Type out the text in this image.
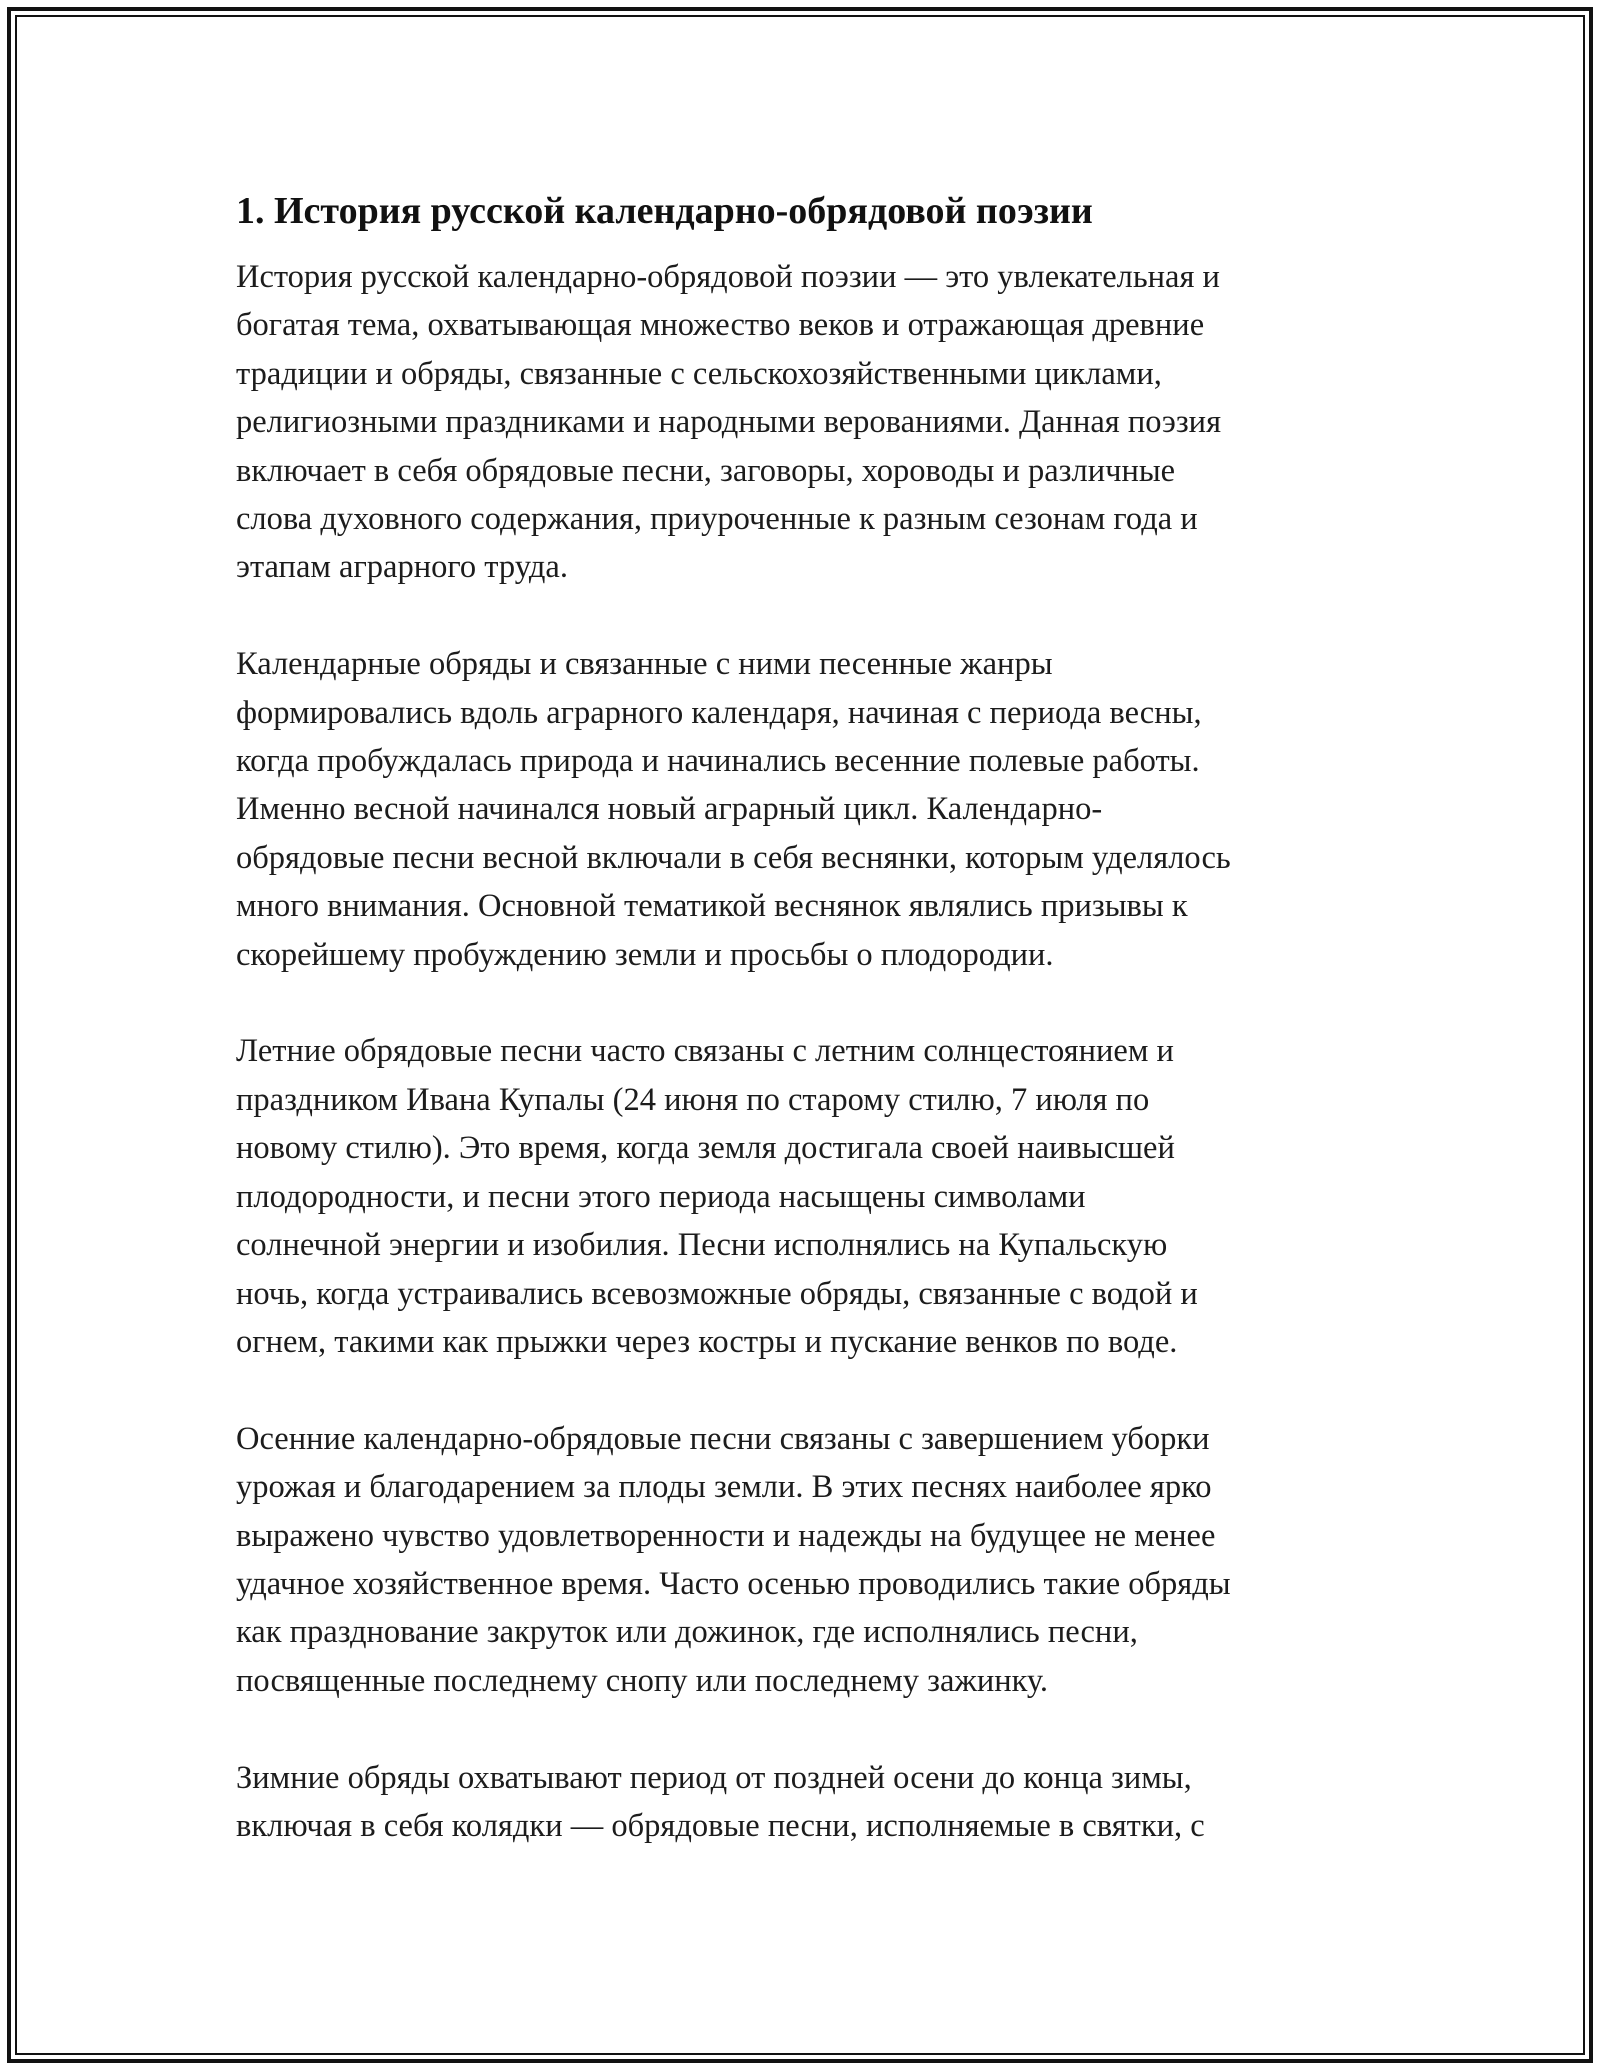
1. История русской календарно-обрядовой поэзии
История русской календарно-обрядовой поэзии — это увлекательная и
богатая тема, охватывающая множество веков и отражающая древние
традиции и обряды, связанные с сельскохозяйственными циклами,
религиозными праздниками и народными верованиями. Данная поэзия
включает в себя обрядовые песни, заговоры, хороводы и различные
слова духовного содержания, приуроченные к разным сезонам года и
этапам аграрного труда.
Календарные обряды и связанные с ними песенные жанры
формировались вдоль аграрного календаря, начиная с периода весны,
когда пробуждалась природа и начинались весенние полевые работы.
Именно весной начинался новый аграрный цикл. Календарно-
обрядовые песни весной включали в себя веснянки, которым уделялось
много внимания. Основной тематикой веснянок являлись призывы к
скорейшему пробуждению земли и просьбы о плодородии.
Летние обрядовые песни часто связаны с летним солнцестоянием и
праздником Ивана Купалы (24 июня по старому стилю, 7 июля по
новому стилю). Это время, когда земля достигала своей наивысшей
плодородности, и песни этого периода насыщены символами
солнечной энергии и изобилия. Песни исполнялись на Купальскую
ночь, когда устраивались всевозможные обряды, связанные с водой и
огнем, такими как прыжки через костры и пускание венков по воде.
Осенние календарно-обрядовые песни связаны с завершением уборки
урожая и благодарением за плоды земли. В этих песнях наиболее ярко
выражено чувство удовлетворенности и надежды на будущее не менее
удачное хозяйственное время. Часто осенью проводились такие обряды
как празднование закруток или дожинок, где исполнялись песни,
посвященные последнему снопу или последнему зажинку.
Зимние обряды охватывают период от поздней осени до конца зимы,
включая в себя колядки — обрядовые песни, исполняемые в святки, с
